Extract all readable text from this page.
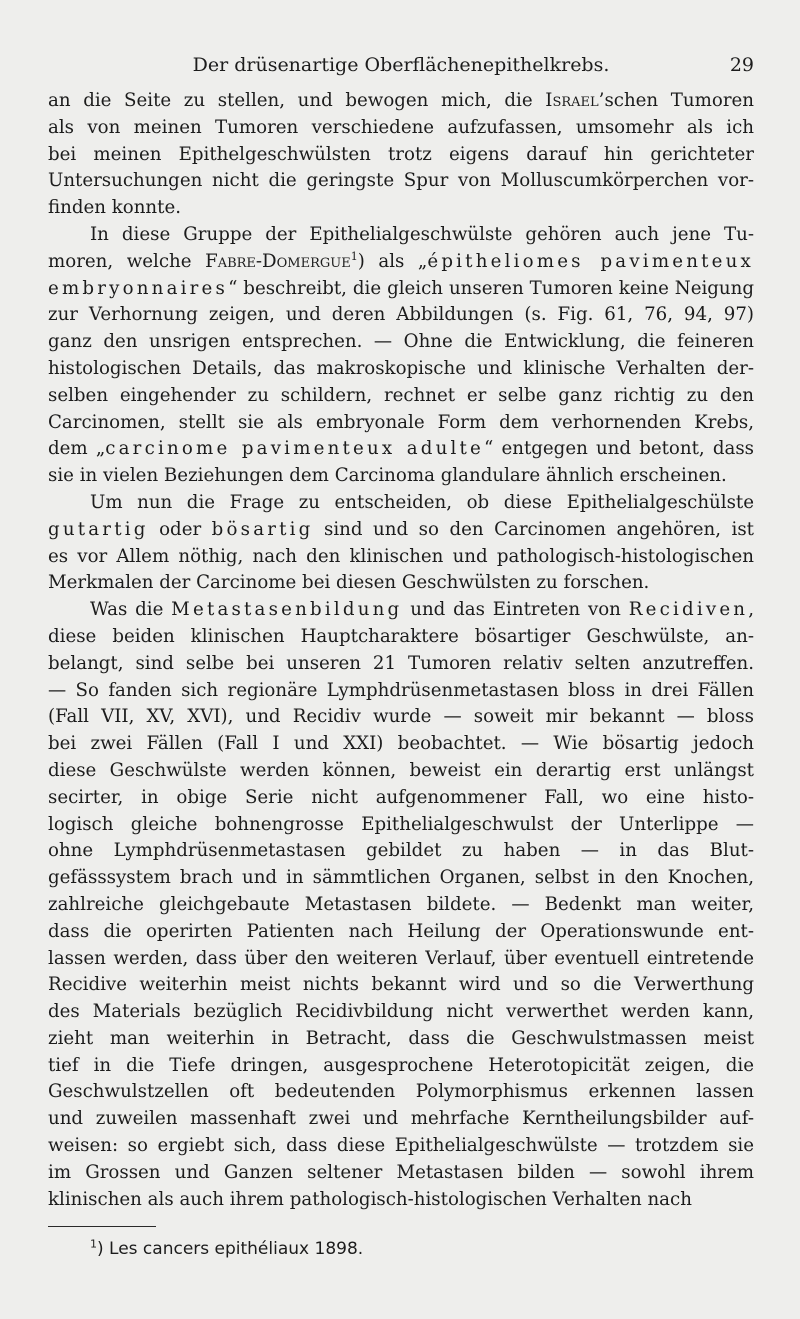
Der drüsenartige Oberflächenepithelkrebs.	29

an die Seite zu stellen, und bewogen mich, die Israel’schen Tumoren

als von meinen Tumoren verschiedene aufzufassen, umsomehr als ich

bei meinen Epithelgeschwülsten trotz eigens darauf hin gerichteter

Untersuchungen nicht die geringste Spur von Molluscumkörperchen vor-

finden konnte.

In diese Gruppe der Epithelialgeschwülste gehören auch jene Tu-

moren, welche Fabre-Domergue$^1$) als „épitheliomes pavimenteux

embryonnaires“ beschreibt, die gleich unseren Tumoren keine Neigung

zur Verhornung zeigen, und deren Abbildungen (s. Fig. 61, 76, 94, 97)

ganz den unsrigen entsprechen. — Ohne die Entwicklung, die feineren

histologischen Details, das makroskopische und klinische Verhalten der-

selben eingehender zu schildern, rechnet er selbe ganz richtig zu den

Carcinomen, stellt sie als embryonale Form dem verhornenden Krebs,

dem „carcinome pavimenteux adulte“ entgegen und betont, dass

sie in vielen Beziehungen dem Carcinoma glandulare ähnlich erscheinen.

Um nun die Frage zu entscheiden, ob diese Epithelialgeschülste

gutartig oder bösartig sind und so den Carcinomen angehören, ist

es vor Allem nöthig, nach den klinischen und pathologisch-histologischen

Merkmalen der Carcinome bei diesen Geschwülsten zu forschen.

Was die Metastasenbildung und das Eintreten von Recidiven,

diese beiden klinischen Hauptcharaktere bösartiger Geschwülste, an-

belangt, sind selbe bei unseren 21 Tumoren relativ selten anzutreffen.

— So fanden sich regionäre Lymphdrüsenmetastasen bloss in drei Fällen

(Fall VII, XV, XVI), und Recidiv wurde — soweit mir bekannt — bloss

bei zwei Fällen (Fall I und XXI) beobachtet. — Wie bösartig jedoch

diese Geschwülste werden können, beweist ein derartig erst unlängst

secirter, in obige Serie nicht aufgenommener Fall, wo eine histo-

logisch gleiche bohnengrosse Epithelialgeschwulst der Unterlippe —

ohne Lymphdrüsenmetastasen gebildet zu haben — in das Blut-

gefässsystem brach und in sämmtlichen Organen, selbst in den Knochen,

zahlreiche gleichgebaute Metastasen bildete. — Bedenkt man weiter,

dass die operirten Patienten nach Heilung der Operationswunde ent-

lassen werden, dass über den weiteren Verlauf, über eventuell eintretende

Recidive weiterhin meist nichts bekannt wird und so die Verwerthung

des Materials bezüglich Recidivbildung nicht verwerthet werden kann,

zieht man weiterhin in Betracht, dass die Geschwulstmassen meist

tief in die Tiefe dringen, ausgesprochene Heterotopicität zeigen, die

Geschwulstzellen oft bedeutenden Polymorphismus erkennen lassen

und zuweilen massenhaft zwei und mehrfache Kerntheilungsbilder auf-

weisen: so ergiebt sich, dass diese Epithelialgeschwülste — trotzdem sie

im Grossen und Ganzen seltener Metastasen bilden — sowohl ihrem

klinischen als auch ihrem pathologisch-histologischen Verhalten nach

$^1$) Les cancers epithéliaux 1898.
